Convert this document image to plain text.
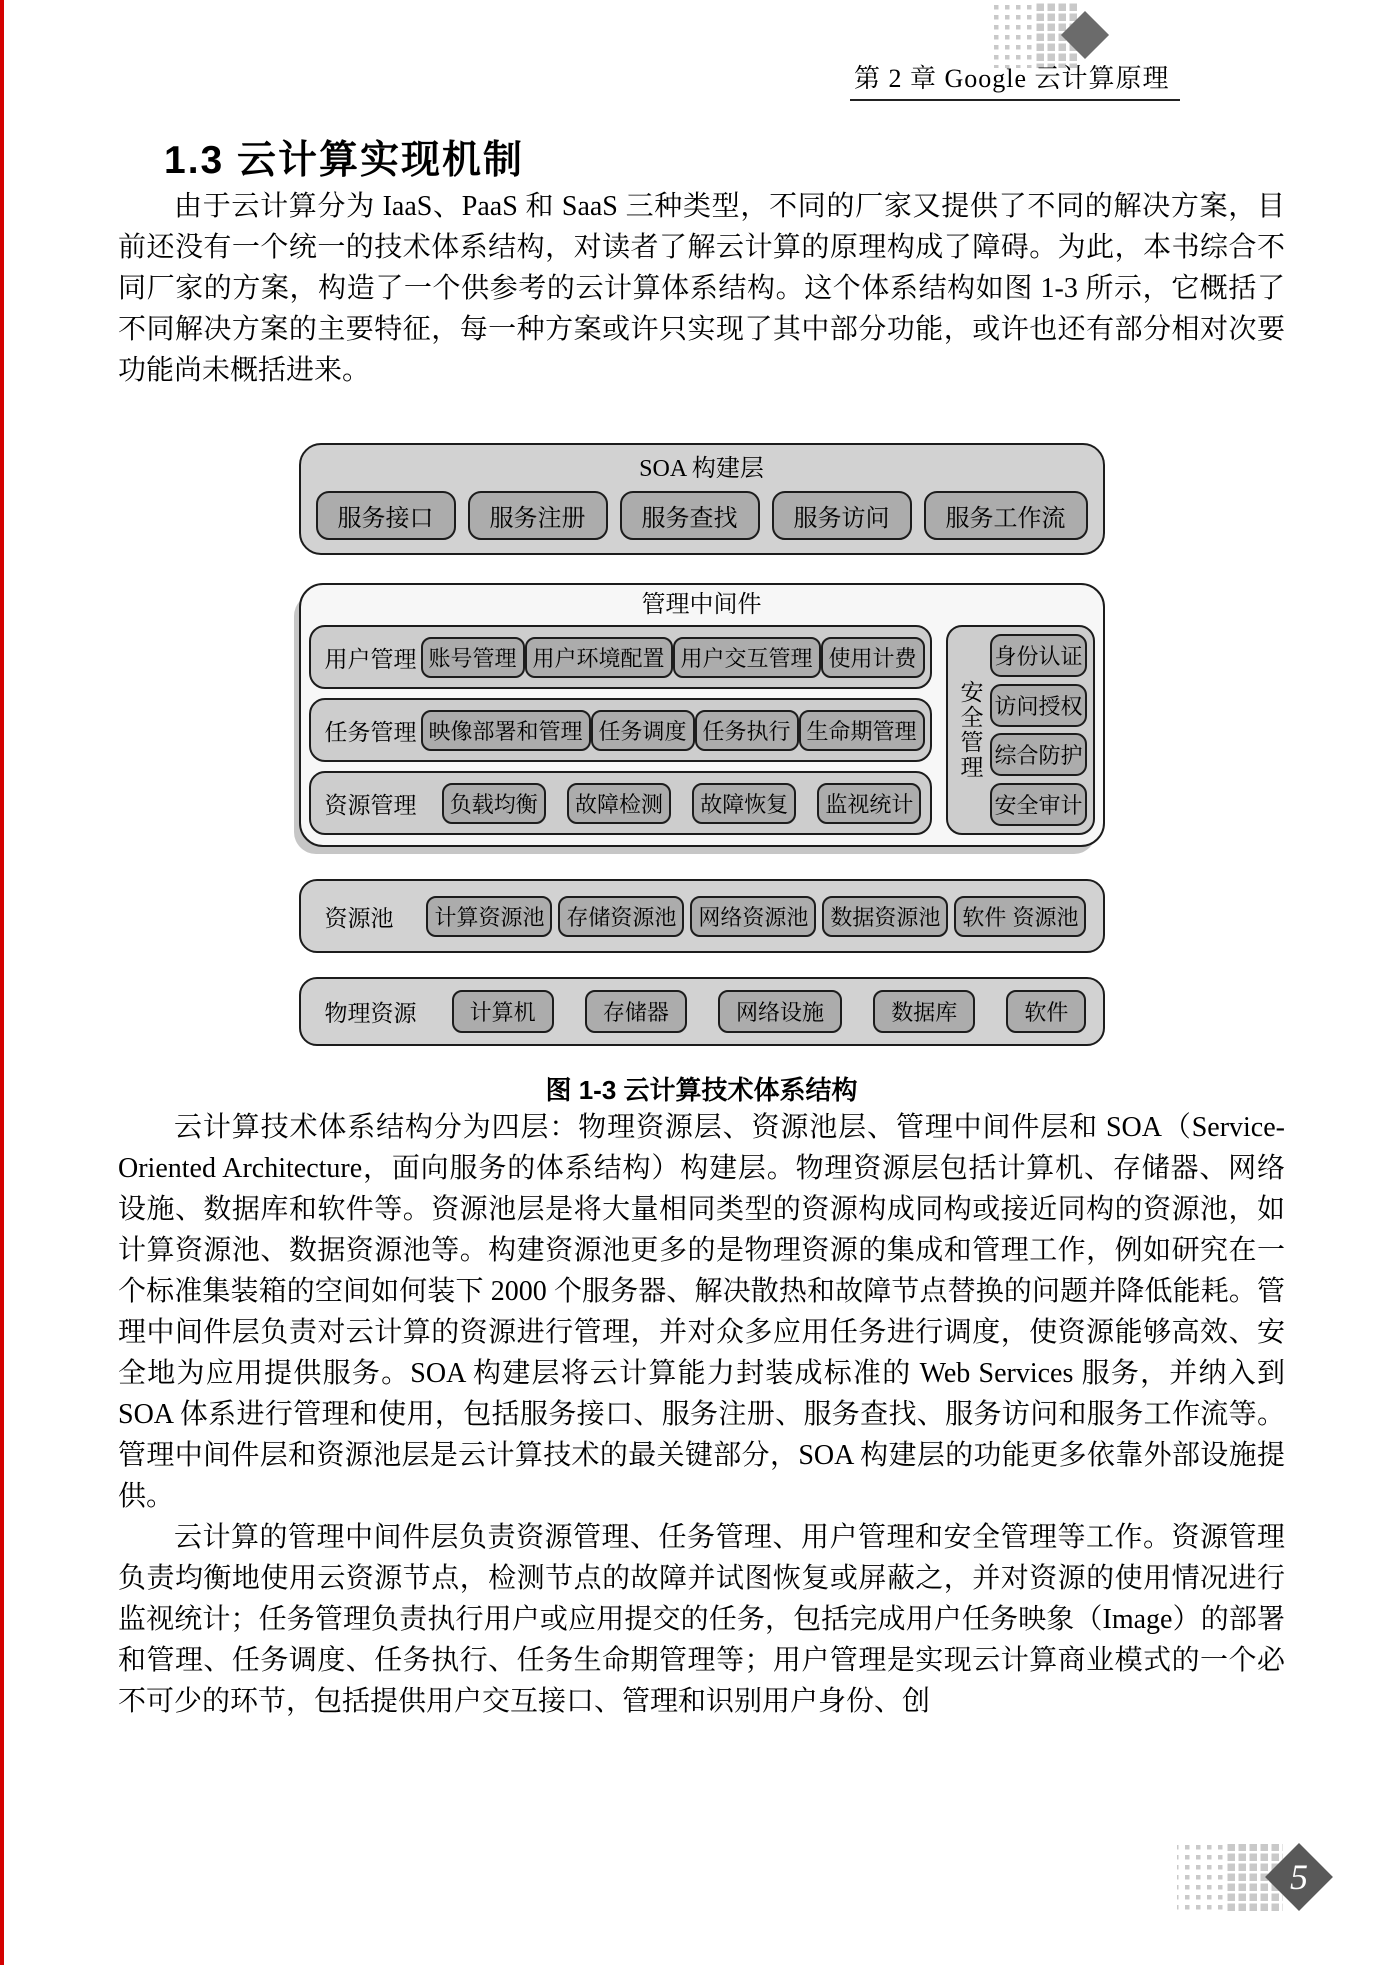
第 2 章 Google 云计算原理
1.3 云计算实现机制

由于云计算分为 IaaS、PaaS 和 SaaS 三种类型，不同的厂家又提供了不同的解决方案，目前还没有一个统一的技术体系结构，对读者了解云计算的原理构成了障碍。为此，本书综合不同厂家的方案，构造了一个供参考的云计算体系结构。这个体系结构如图 1-3 所示，它概括了不同解决方案的主要特征，每一种方案或许只实现了其中部分功能，或许也还有部分相对次要功能尚未概括进来。

SOA 构建层
服务接口	服务注册	服务查找	服务访问	服务工作流
管理中间件
用户管理 账号管理 用户环境配置 用户交互管理 使用计费
任务管理 映像部署和管理 任务调度 任务执行 生命期管理
资源管理	负载均衡	故障检测	故障恢复	监视统计
安全管理
身份认证
访问授权
综合防护
安全审计
资源池	计算资源池 存储资源池 网络资源池 数据资源池 软件 资源池
物理资源	计算机	存储器	网络设施	数据库	软件
图 1-3 云计算技术体系结构

云计算技术体系结构分为四层：物理资源层、资源池层、管理中间件层和 SOA（Service-Oriented Architecture，面向服务的体系结构）构建层。物理资源层包括计算机、存储器、网络设施、数据库和软件等。资源池层是将大量相同类型的资源构成同构或接近同构的资源池，如计算资源池、数据资源池等。构建资源池更多的是物理资源的集成和管理工作，例如研究在一个标准集装箱的空间如何装下 2000 个服务器、解决散热和故障节点替换的问题并降低能耗。管理中间件层负责对云计算的资源进行管理，并对众多应用任务进行调度，使资源能够高效、安全地为应用提供服务。SOA 构建层将云计算能力封装成标准的 Web Services 服务，并纳入到 SOA 体系进行管理和使用，包括服务接口、服务注册、服务查找、服务访问和服务工作流等。管理中间件层和资源池层是云计算技术的最关键部分，SOA 构建层的功能更多依靠外部设施提供。

云计算的管理中间件层负责资源管理、任务管理、用户管理和安全管理等工作。资源管理负责均衡地使用云资源节点，检测节点的故障并试图恢复或屏蔽之，并对资源的使用情况进行监视统计；任务管理负责执行用户或应用提交的任务，包括完成用户任务映象（Image）的部署和管理、任务调度、任务执行、任务生命期管理等；用户管理是实现云计算商业模式的一个必不可少的环节，包括提供用户交互接口、管理和识别用户身份、创

5
